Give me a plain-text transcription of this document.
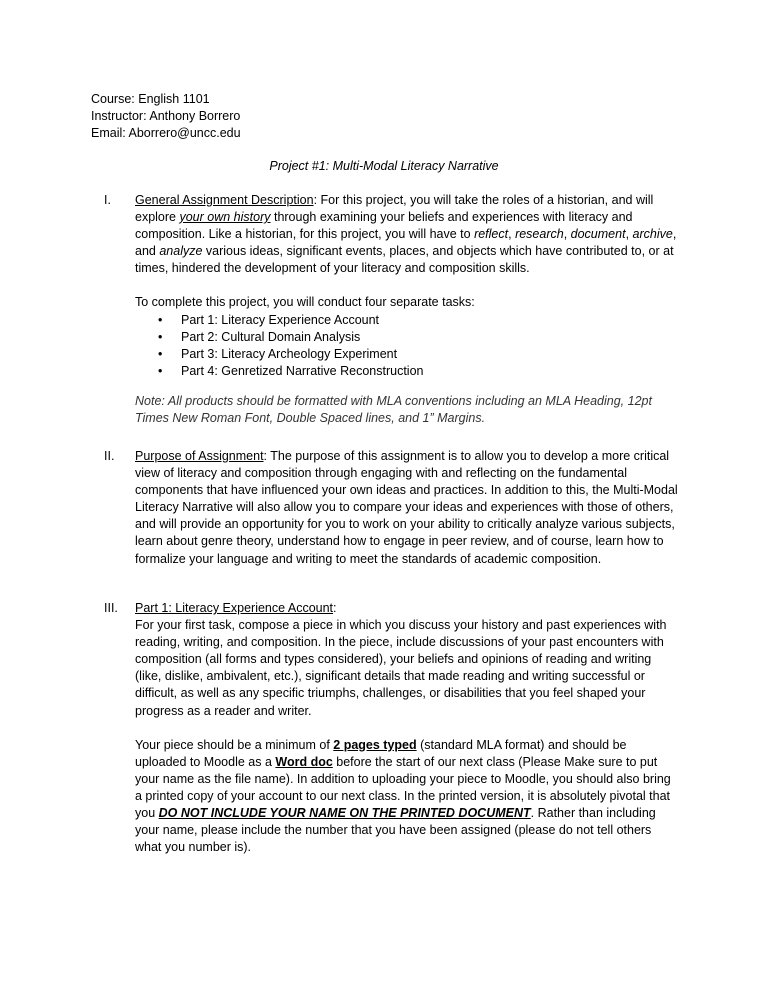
Course: English 1101
Instructor: Anthony Borrero
Email: Aborrero@uncc.edu
Project #1: Multi-Modal Literacy Narrative
I. General Assignment Description: For this project, you will take the roles of a historian, and will explore your own history through examining your beliefs and experiences with literacy and composition. Like a historian, for this project, you will have to reflect, research, document, archive, and analyze various ideas, significant events, places, and objects which have contributed to, or at times, hindered the development of your literacy and composition skills.

To complete this project, you will conduct four separate tasks:

• Part 1: Literacy Experience Account
• Part 2: Cultural Domain Analysis
• Part 3: Literacy Archeology Experiment
• Part 4: Genretized Narrative Reconstruction

Note: All products should be formatted with MLA conventions including an MLA Heading, 12pt Times New Roman Font, Double Spaced lines, and 1” Margins.

II. Purpose of Assignment: The purpose of this assignment is to allow you to develop a more critical view of literacy and composition through engaging with and reflecting on the fundamental components that have influenced your own ideas and practices. In addition to this, the Multi-Modal Literacy Narrative will also allow you to compare your ideas and experiences with those of others, and will provide an opportunity for you to work on your ability to critically analyze various subjects, learn about genre theory, understand how to engage in peer review, and of course, learn how to formalize your language and writing to meet the standards of academic composition.

III. Part 1: Literacy Experience Account:

For your first task, compose a piece in which you discuss your history and past experiences with reading, writing, and composition. In the piece, include discussions of your past encounters with composition (all forms and types considered), your beliefs and opinions of reading and writing (like, dislike, ambivalent, etc.), significant details that made reading and writing successful or difficult, as well as any specific triumphs, challenges, or disabilities that you feel shaped your progress as a reader and writer.

Your piece should be a minimum of 2 pages typed (standard MLA format) and should be uploaded to Moodle as a Word doc before the start of our next class (Please Make sure to put your name as the file name). In addition to uploading your piece to Moodle, you should also bring a printed copy of your account to our next class. In the printed version, it is absolutely pivotal that you DO NOT INCLUDE YOUR NAME ON THE PRINTED DOCUMENT. Rather than including your name, please include the number that you have been assigned (please do not tell others what you number is).
